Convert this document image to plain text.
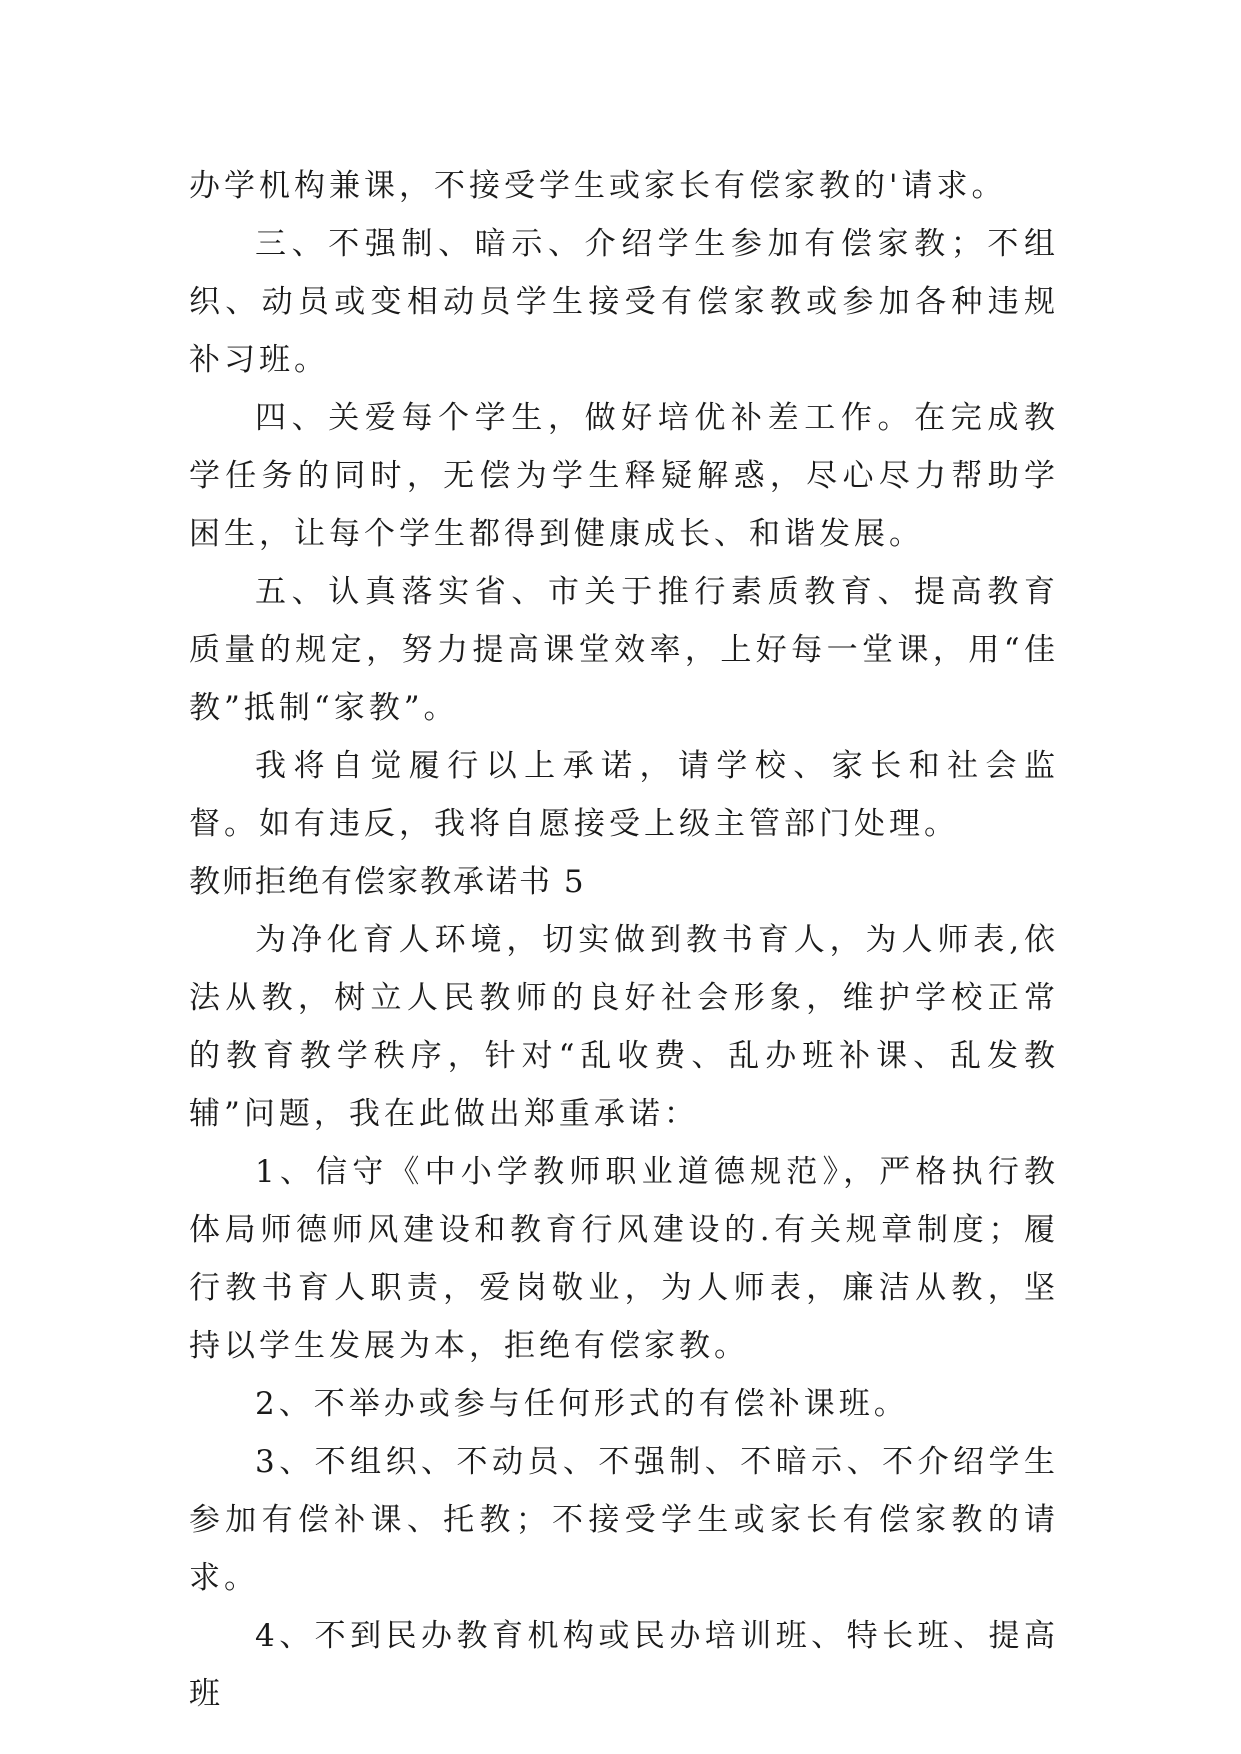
办学机构兼课，不接受学生或家长有偿家教的'请求。

三、不强制、暗示、介绍学生参加有偿家教；不组织、动员或变相动员学生接受有偿家教或参加各种违规补习班。

四、关爱每个学生，做好培优补差工作。在完成教学任务的同时，无偿为学生释疑解惑，尽心尽力帮助学困生，让每个学生都得到健康成长、和谐发展。

五、认真落实省、市关于推行素质教育、提高教育质量的规定，努力提高课堂效率，上好每一堂课，用“佳教”抵制“家教”。

我将自觉履行以上承诺，请学校、家长和社会监督。如有违反，我将自愿接受上级主管部门处理。

教师拒绝有偿家教承诺书 5

为净化育人环境，切实做到教书育人，为人师表,依法从教，树立人民教师的良好社会形象，维护学校正常的教育教学秩序，针对“乱收费、乱办班补课、乱发教辅”问题，我在此做出郑重承诺：

1、信守《中小学教师职业道德规范》，严格执行教体局师德师风建设和教育行风建设的.有关规章制度；履行教书育人职责，爱岗敬业，为人师表，廉洁从教，坚持以学生发展为本，拒绝有偿家教。

2、不举办或参与任何形式的有偿补课班。

3、不组织、不动员、不强制、不暗示、不介绍学生参加有偿补课、托教；不接受学生或家长有偿家教的请求。

4、不到民办教育机构或民办培训班、特长班、提高班
